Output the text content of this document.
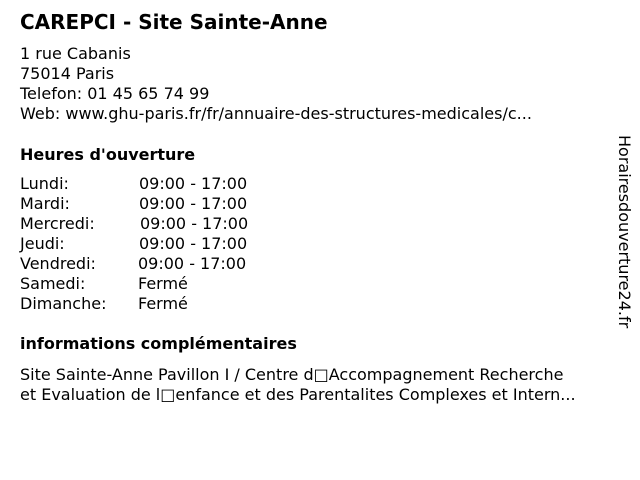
CAREPCI - Site Sainte-Anne
1 rue Cabanis
75014 Paris
Telefon: 01 45 65 74 99
Web: www.ghu-paris.fr/fr/annuaire-des-structures-medicales/c...
Heures d'ouverture
Lundi:	09:00 - 17:00
Mardi:	09:00 - 17:00
Mercredi:	09:00 - 17:00
Jeudi:	09:00 - 17:00
Vendredi:	09:00 - 17:00
Samedi:	Fermé
Dimanche: Fermé
informations complémentaires
Site Sainte-Anne Pavillon I / Centre d□Accompagnement Recherche
et Evaluation de l□enfance et des Parentalites Complexes et Intern...
Horairesdouverture24.fr
